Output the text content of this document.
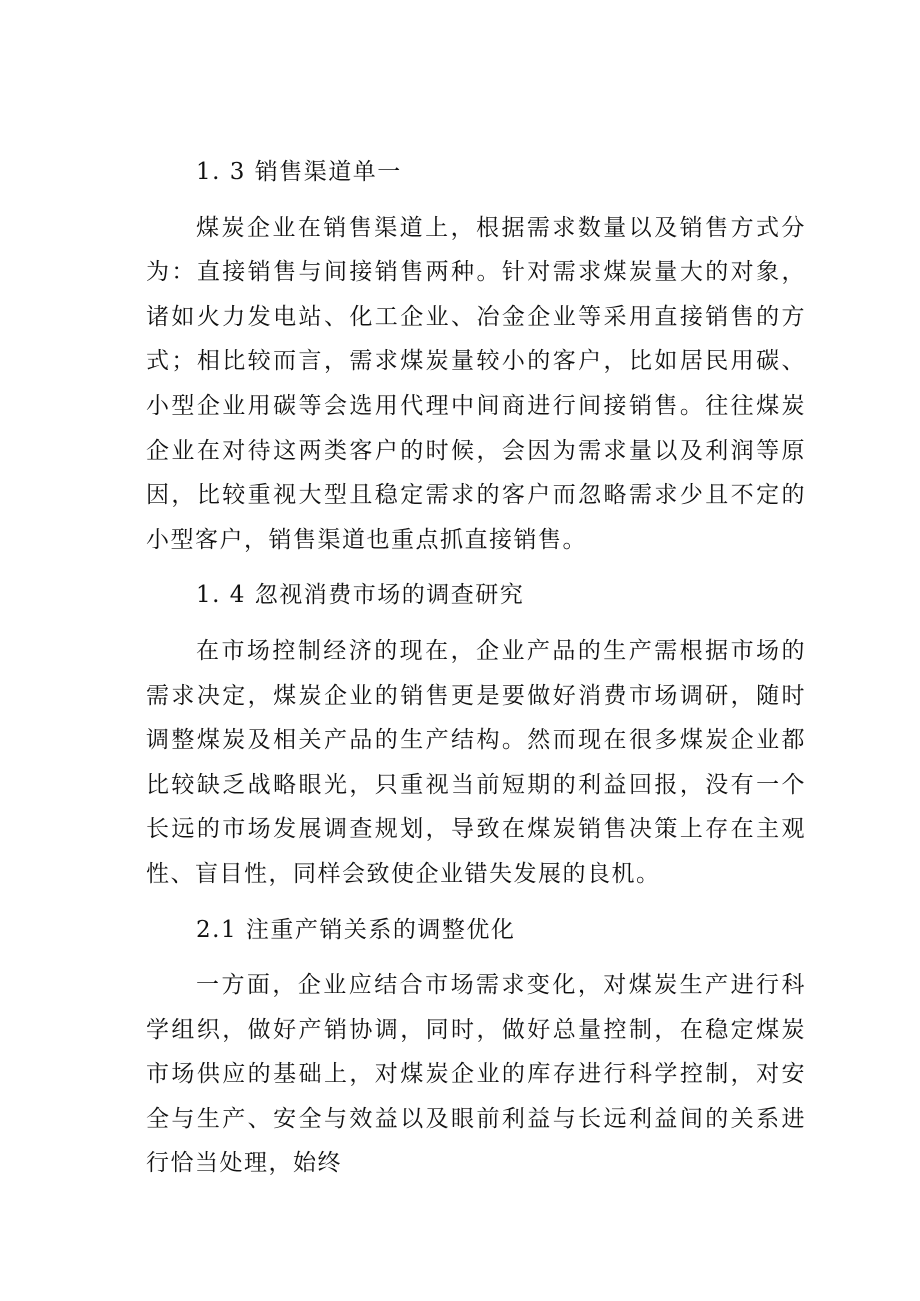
1. 3 销售渠道单一
煤炭企业在销售渠道上，根据需求数量以及销售方式分为：直接销售与间接销售两种。针对需求煤炭量大的对象，诸如火力发电站、化工企业、冶金企业等采用直接销售的方式；相比较而言，需求煤炭量较小的客户，比如居民用碳、小型企业用碳等会选用代理中间商进行间接销售。往往煤炭企业在对待这两类客户的时候，会因为需求量以及利润等原因，比较重视大型且稳定需求的客户而忽略需求少且不定的小型客户，销售渠道也重点抓直接销售。
1. 4 忽视消费市场的调查研究
在市场控制经济的现在，企业产品的生产需根据市场的需求决定，煤炭企业的销售更是要做好消费市场调研，随时调整煤炭及相关产品的生产结构。然而现在很多煤炭企业都比较缺乏战略眼光，只重视当前短期的利益回报，没有一个长远的市场发展调查规划，导致在煤炭销售决策上存在主观性、盲目性，同样会致使企业错失发展的良机。
2.1 注重产销关系的调整优化
一方面，企业应结合市场需求变化，对煤炭生产进行科学组织，做好产销协调，同时，做好总量控制，在稳定煤炭市场供应的基础上，对煤炭企业的库存进行科学控制，对安全与生产、安全与效益以及眼前利益与长远利益间的关系进行恰当处理，始终
